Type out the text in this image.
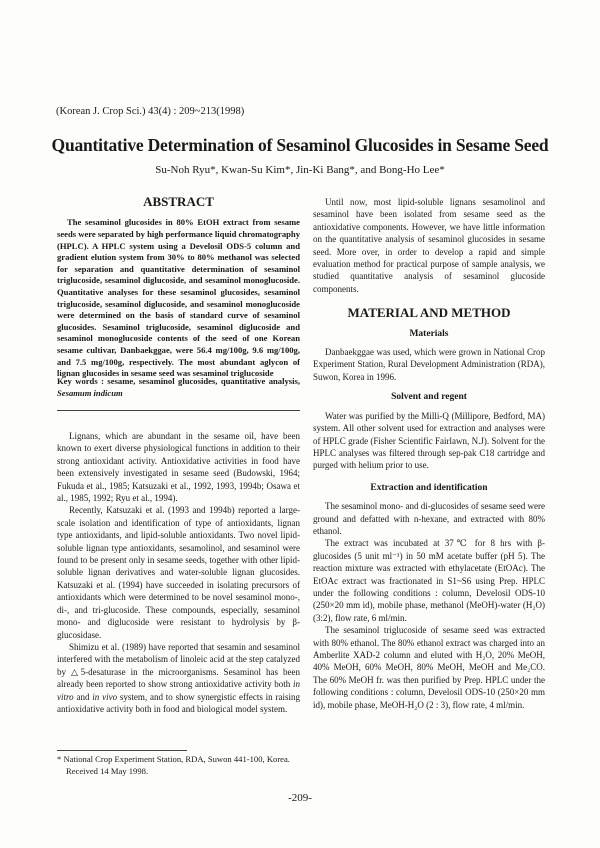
(Korean J. Crop Sci.) 43(4) : 209~213(1998)
Quantitative Determination of Sesaminol Glucosides in Sesame Seed
Su-Noh Ryu*, Kwan-Su Kim*, Jin-Ki Bang*, and Bong-Ho Lee*

ABSTRACT

The sesaminol glucosides in 80% EtOH extract from sesame seeds were separated by high performance liquid chromatography (HPLC). A HPLC system using a Develosil ODS-5 column and gradient elution system from 30% to 80% methanol was selected for separation and quantitative determination of sesaminol triglucoside, sesaminol diglucoside, and sesaminol monoglucoside. Quantitative analyses for these sesaminol glucosides, sesaminol triglucoside, sesaminol diglucoside, and sesaminol monoglucoside were determined on the basis of standard curve of sesaminol glucosides. Sesaminol triglucoside, sesaminol diglucoside and sesaminol monoglucoside contents of the seed of one Korean sesame cultivar, Danbaekggae, were 56.4 mg/100g, 9.6 mg/100g, and 7.5 mg/100g, respectively. The most abundant aglycon of lignan glucosides in sesame seed was sesaminol triglucoside

Key words : sesame, sesaminol glucosides, quantitative analysis, Sesamum indicum

Lignans, which are abundant in the sesame oil, have been known to exert diverse physiological functions in addition to their strong antioxidant activity. Antioxidative activities in food have been extensively investigated in sesame seed (Budowski, 1964; Fukuda et al., 1985; Katsuzaki et al., 1992, 1993, 1994b; Osawa et al., 1985, 1992; Ryu et al., 1994).

Recently, Katsuzaki et al. (1993 and 1994b) reported a large-scale isolation and identification of type of antioxidants, lignan type antioxidants, and lipid-soluble antioxidants. Two novel lipid-soluble lignan type antioxidants, sesamolinol, and sesaminol were found to be present only in sesame seeds, together with other lipid-soluble lignan derivatives and water-soluble lignan glucosides. Katsuzaki et al. (1994) have succeeded in isolating precursors of antioxidants which were determined to be novel sesaminol mono-, di-, and tri-glucoside. These compounds, especially, sesaminol mono- and diglucoside were resistant to hydrolysis by β-glucosidase.

Shimizu et al. (1989) have reported that sesamin and sesaminol interfered with the metabolism of linoleic acid at the step catalyzed by △5-desaturase in the microorganisms. Sesaminol has been already been reported to show strong antioxidative activity both in vitro and in vivo system, and to show synergistic effects in raising antioxidative activity both in food and biological model system.

* National Crop Experiment Station, RDA, Suwon 441-100, Korea.

Received 14 May 1998.

Until now, most lipid-soluble lignans sesamolinol and sesaminol have been isolated from sesame seed as the antioxidative components. However, we have little information on the quantitative analysis of sesaminol glucosides in sesame seed. More over, in order to develop a rapid and simple evaluation method for practical purpose of sample analysis, we studied quantitative analysis of sesaminol glucoside components.

MATERIAL AND METHOD

Materials

Danbaekggae was used, which were grown in National Crop Experiment Station, Rural Development Administration (RDA), Suwon, Korea in 1996.

Solvent and regent

Water was purified by the Milli-Q (Millipore, Bedford, MA) system. All other solvent used for extraction and analyses were of HPLC grade (Fisher Scientific Fairlawn, N.J). Solvent for the HPLC analyses was filtered through sep-pak C18 cartridge and purged with helium prior to use.

Extraction and identification

The sesaminol mono- and di-glucosides of sesame seed were ground and defatted with n-hexane, and extracted with 80% ethanol.

The extract was incubated at 37℃ for 8 hrs with β-glucosides (5 unit ml⁻¹) in 50 mM acetate buffer (pH 5). The reaction mixture was extracted with ethylacetate (EtOAc). The EtOAc extract was fractionated in S1~S6 using Prep. HPLC under the following conditions : column, Develosil ODS-10 (250×20 mm id), mobile phase, methanol (MeOH)-water (H₂O) (3:2), flow rate, 6 ml/min.

The sesaminol triglucoside of sesame seed was extracted with 80% ethanol. The 80% ethanol extract was charged into an Amberlite XAD-2 column and eluted with H₂O, 20% MeOH, 40% MeOH, 60% MeOH, 80% MeOH, MeOH and Me₂CO. The 60% MeOH fr. was then purified by Prep. HPLC under the following conditions : column, Develosil ODS-10 (250×20 mm id), mobile phase, MeOH-H₂O (2 : 3), flow rate, 4 ml/min.

-209-
